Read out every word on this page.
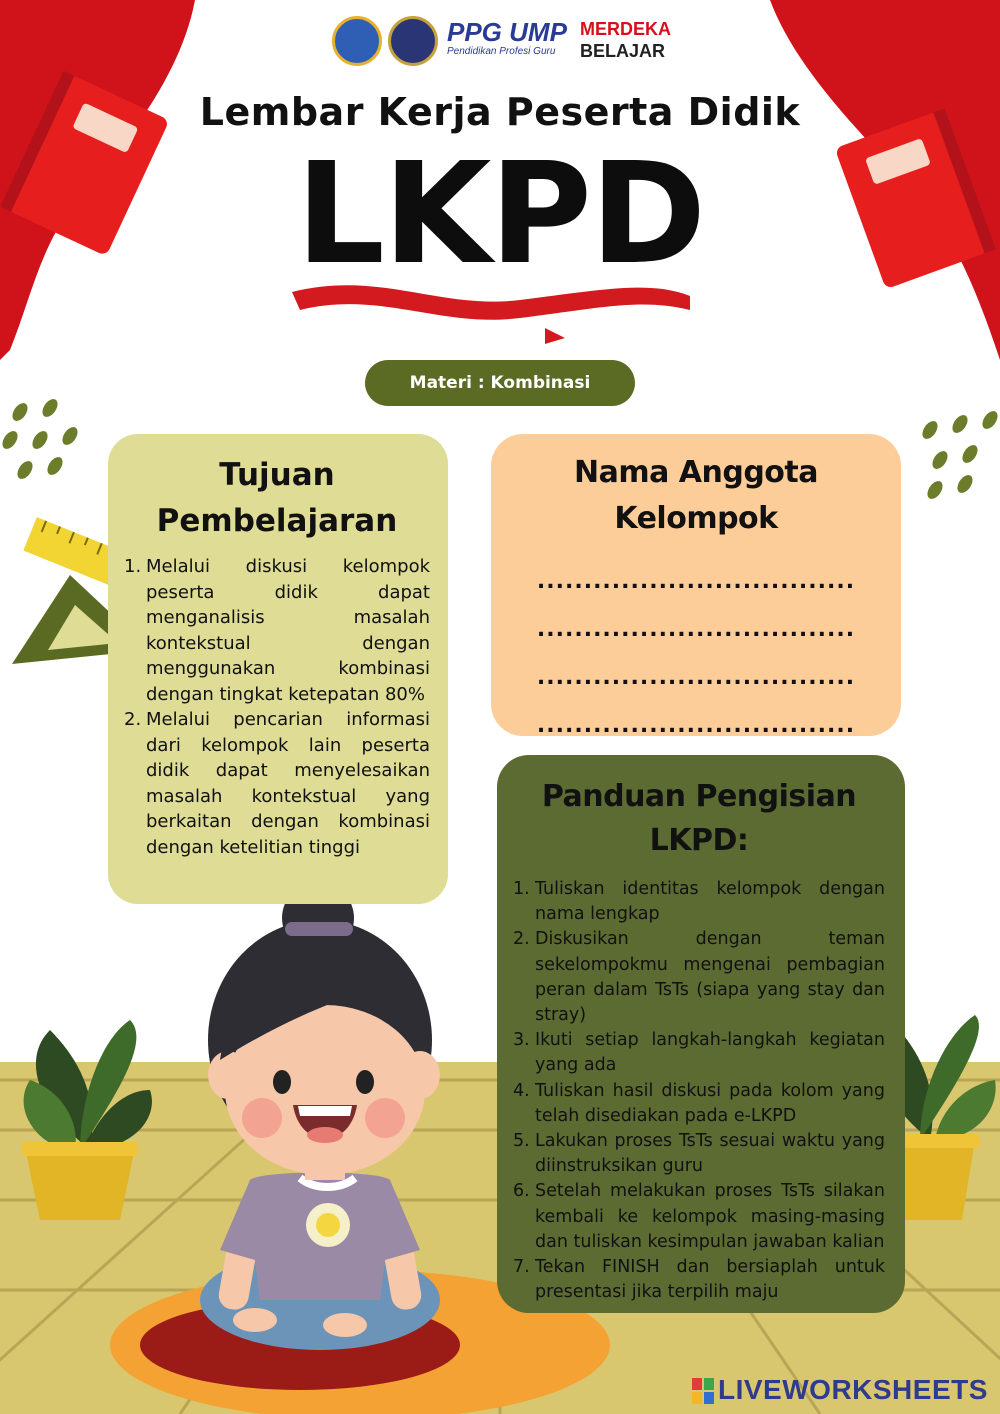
PPG UMP
Pendidikan Profesi Guru
MERDEKA
BELAJAR
Lembar Kerja Peserta Didik
LKPD
Materi : Kombinasi
Tujuan Pembelajaran
1. Melalui diskusi kelompok peserta didik dapat menganalisis masalah kontekstual dengan menggunakan kombinasi dengan tingkat ketepatan 80%
2. Melalui pencarian informasi dari kelompok lain peserta didik dapat menyelesaikan masalah kontekstual yang berkaitan dengan kombinasi dengan ketelitian tinggi
Nama Anggota Kelompok
..................................
..................................
..................................
..................................
Panduan Pengisian LKPD:
1. Tuliskan identitas kelompok dengan nama lengkap
2. Diskusikan dengan teman sekelompokmu mengenai pembagian peran dalam TsTs (siapa yang stay dan stray)
3. Ikuti setiap langkah-langkah kegiatan yang ada
4. Tuliskan hasil diskusi pada kolom yang telah disediakan pada e-LKPD
5. Lakukan proses TsTs sesuai waktu yang diinstruksikan guru
6. Setelah melakukan proses TsTs silakan kembali ke kelompok masing-masing dan tuliskan kesimpulan jawaban kalian
7. Tekan FINISH dan bersiaplah untuk presentasi jika terpilih maju
LIVEWORKSHEETS
